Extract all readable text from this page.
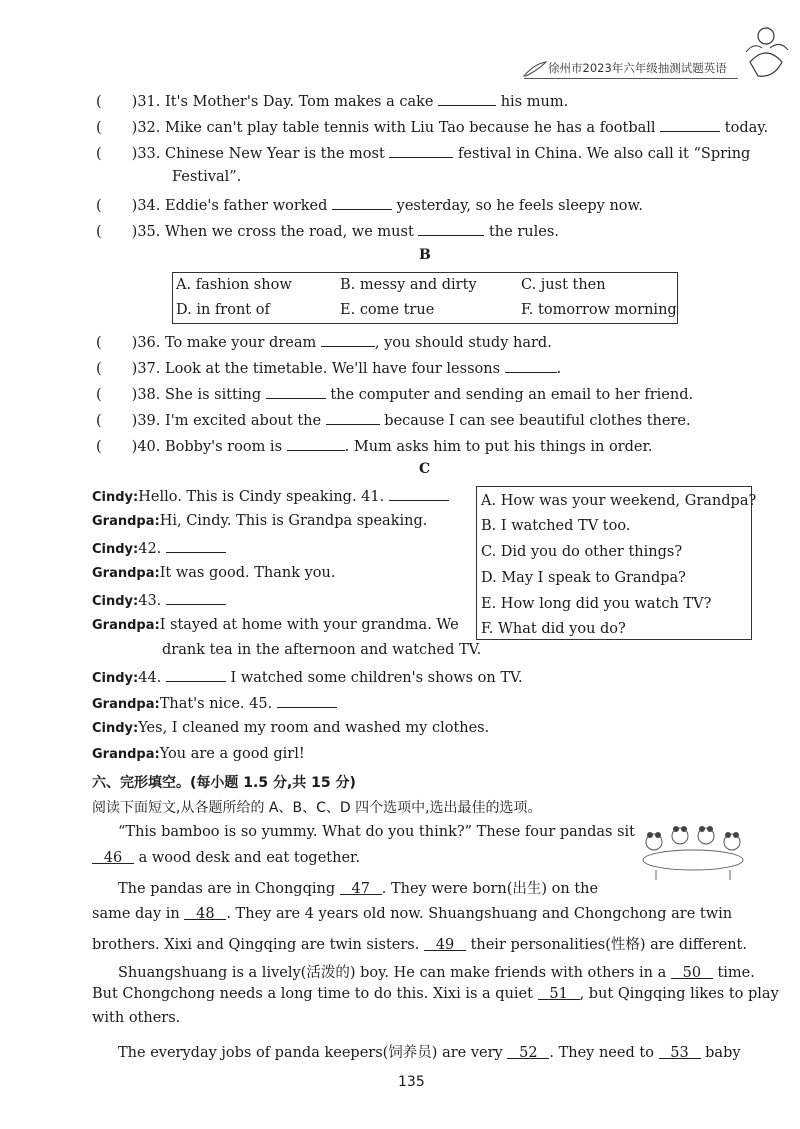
徐州市2023年六年级抽测试题英语
( )31. It's Mother's Day. Tom makes a cake	his mum.
( )32. Mike can't play table tennis with Liu Tao because he has a football	today.
( )33. Chinese New Year is the most	festival in China. We also call it “Spring
Festival”.
( )34. Eddie's father worked	yesterday, so he feels sleepy now.
( )35. When we cross the road, we must	the rules.
B
A. fashion show	B. messy and dirty	C. just then
D. in front of	E. come true	F. tomorrow morning
( )36. To make your dream	, you should study hard.
( )37. Look at the timetable. We'll have four lessons	.
( )38. She is sitting	the computer and sending an email to her friend.
( )39. I'm excited about the	because I can see beautiful clothes there.
( )40. Bobby's room is	. Mum asks him to put his things in order.
C
Cindy:Hello. This is Cindy speaking. 41.
Grandpa:Hi, Cindy. This is Grandpa speaking.
Cindy:42.
Grandpa:It was good. Thank you.
Cindy:43.
Grandpa:I stayed at home with your grandma. We
drank tea in the afternoon and watched TV.
Cindy:44.	I watched some children's shows on TV.
Grandpa:That's nice. 45.
Cindy:Yes, I cleaned my room and washed my clothes.
Grandpa:You are a good girl!
A. How was your weekend, Grandpa?
B. I watched TV too.
C. Did you do other things?
D. May I speak to Grandpa?
E. How long did you watch TV?
F. What did you do?
六、完形填空。(每小题 1.5 分,共 15 分)
阅读下面短文,从各题所给的 A、B、C、D 四个选项中,选出最佳的选项。
“This bamboo is so yummy. What do you think?” These four pandas sit
46 a wood desk and eat together.
The pandas are in Chongqing 47 . They were born(出生) on the
same day in 48 . They are 4 years old now. Shuangshuang and Chongchong are twin
brothers. Xixi and Qingqing are twin sisters. 49 their personalities(性格) are different.
Shuangshuang is a lively(活泼的) boy. He can make friends with others in a 50 time.
But Chongchong needs a long time to do this. Xixi is a quiet 51 , but Qingqing likes to play
with others.
The everyday jobs of panda keepers(饲养员) are very 52 . They need to 53 baby
135
